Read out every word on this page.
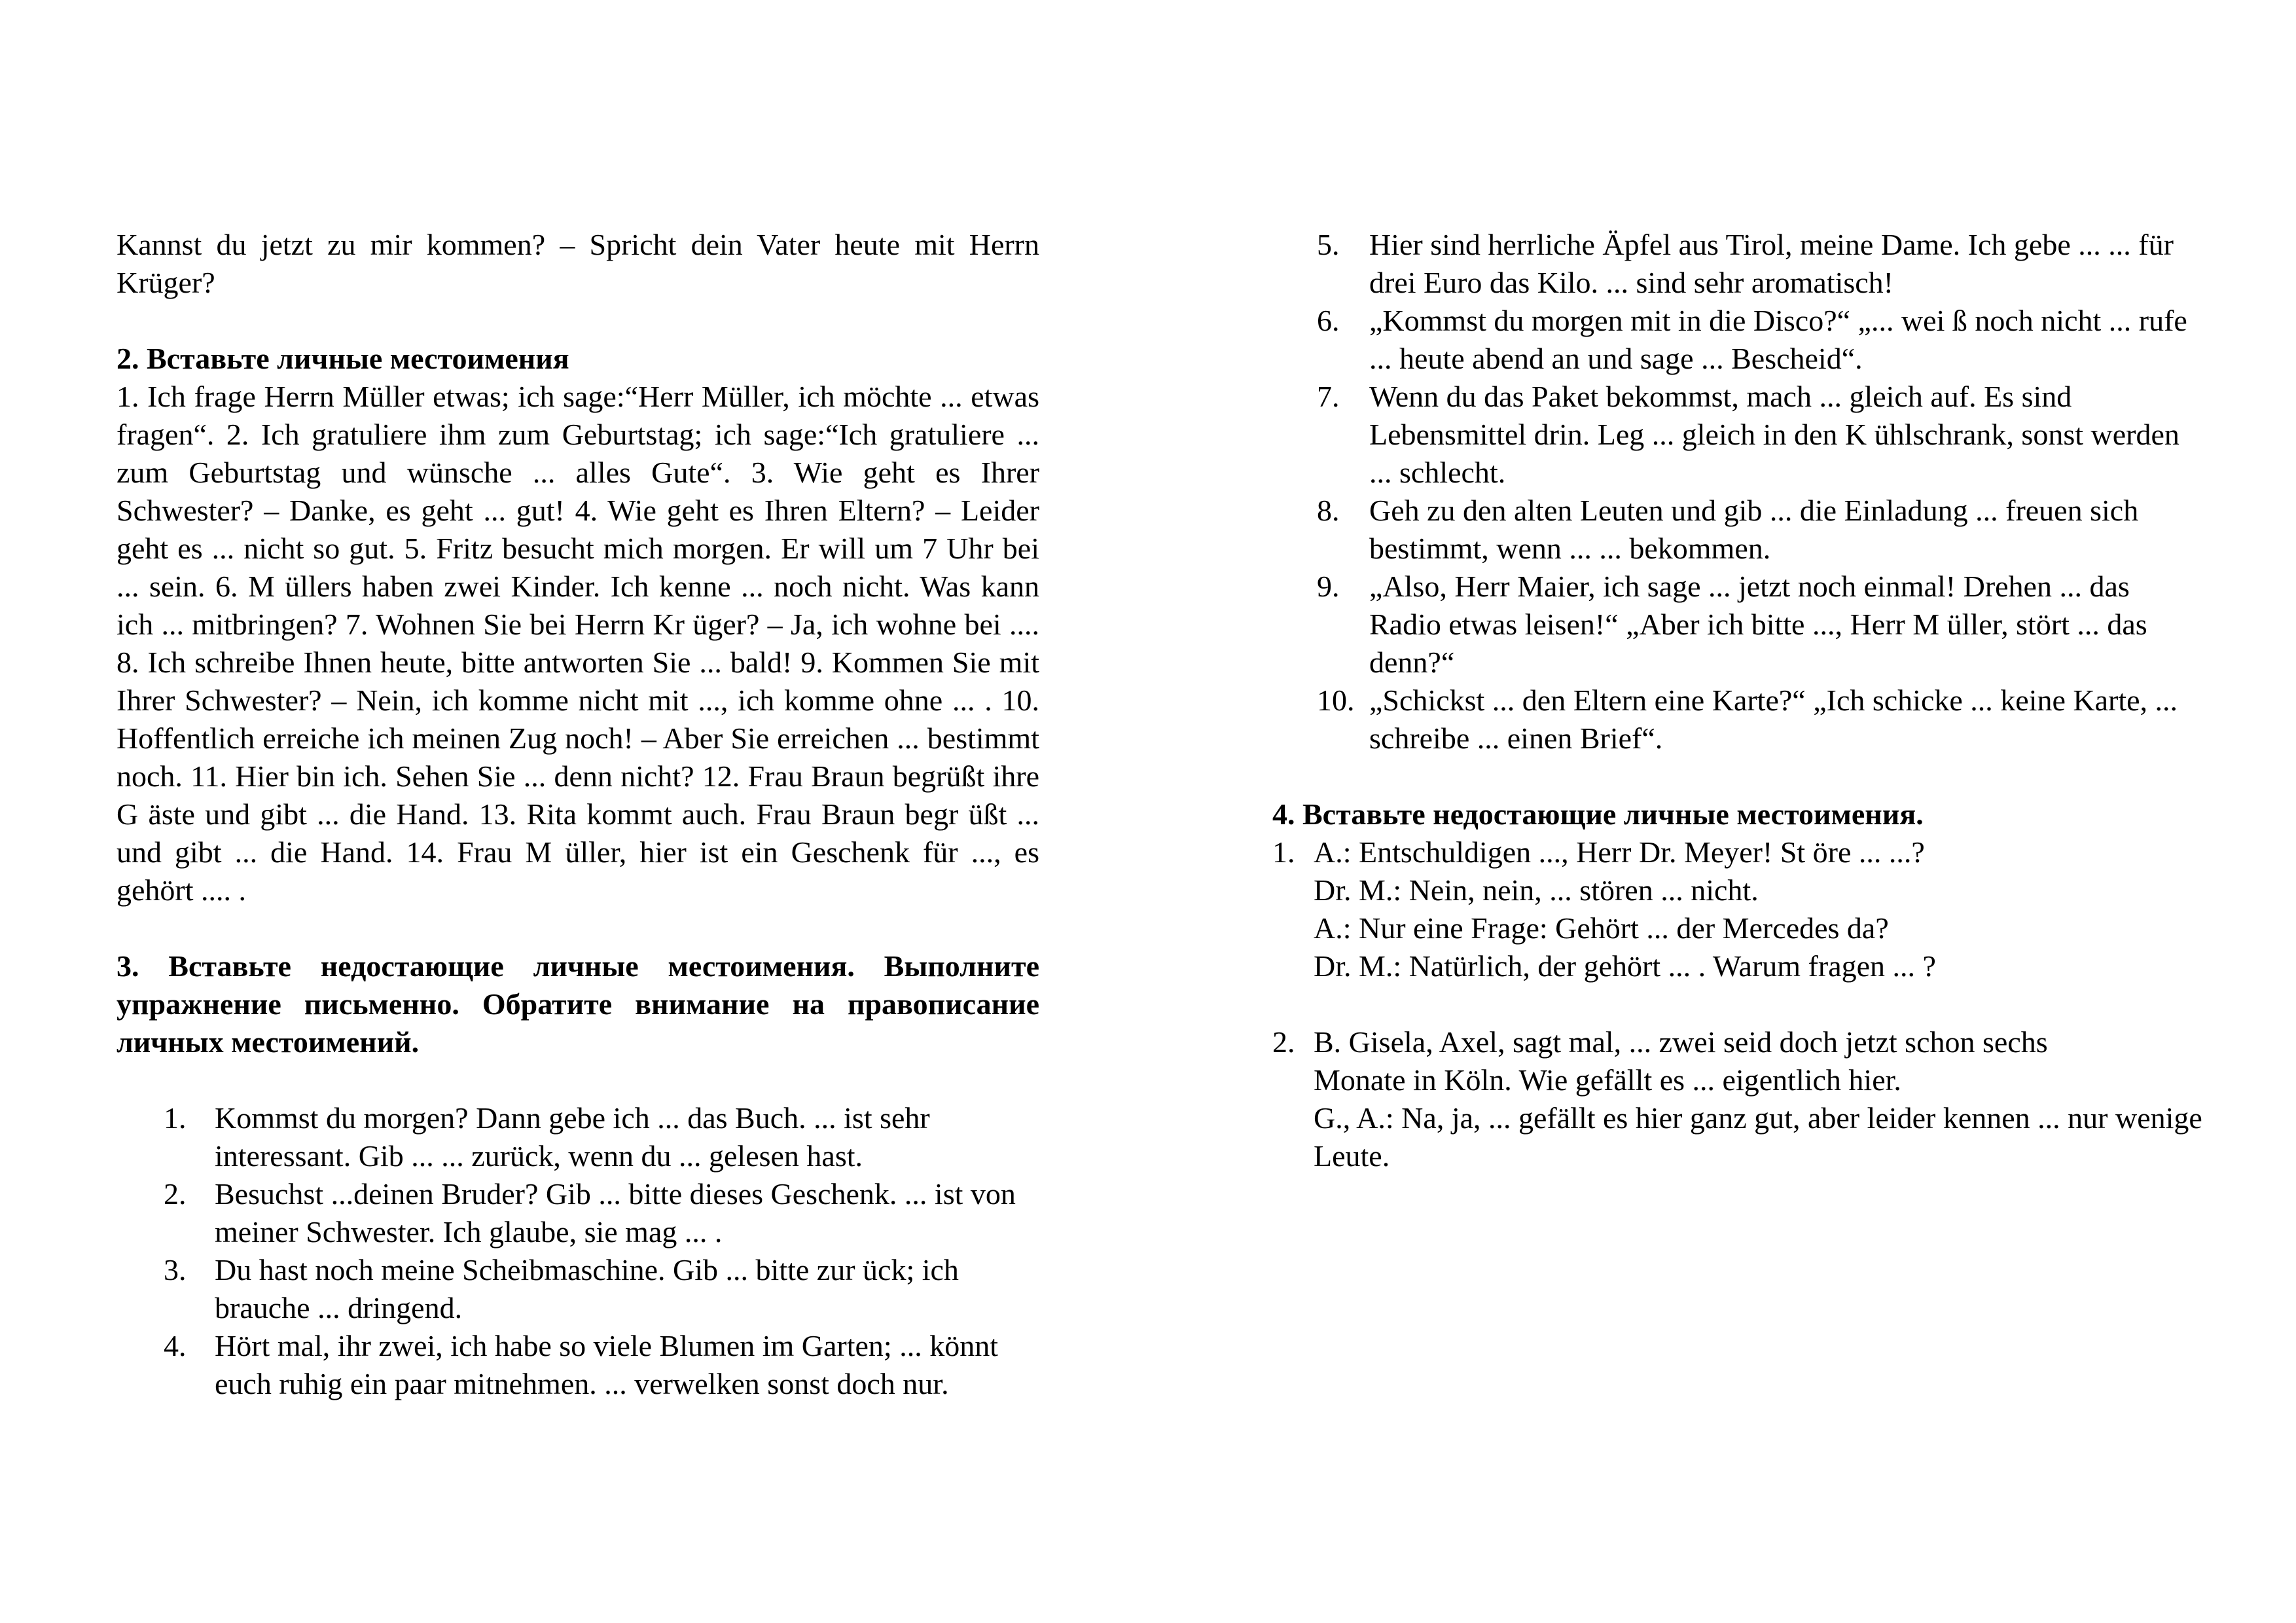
Kannst du jetzt zu mir kommen? – Spricht dein Vater heute mit Herrn Krüger?

2. Вставьте личные местоимения

1. Ich frage Herrn Müller etwas; ich sage:“Herr Müller, ich möchte ... etwas fragen“. 2. Ich gratuliere ihm zum Geburtstag; ich sage:“Ich gratuliere ... zum Geburtstag und wünsche ... alles Gute“. 3. Wie geht es Ihrer Schwester? – Danke, es geht ... gut! 4. Wie geht es Ihren Eltern? – Leider geht es ... nicht so gut. 5. Fritz besucht mich morgen. Er will um 7 Uhr bei ... sein. 6. M üllers haben zwei Kinder. Ich kenne ... noch nicht. Was kann ich ... mitbringen? 7. Wohnen Sie bei Herrn Kr üger? – Ja, ich wohne bei .... 8. Ich schreibe Ihnen heute, bitte antworten Sie ... bald! 9. Kommen Sie mit Ihrer Schwester? – Nein, ich komme nicht mit ..., ich komme ohne ... . 10. Hoffentlich erreiche ich meinen Zug noch! – Aber Sie erreichen ... bestimmt noch. 11. Hier bin ich. Sehen Sie ... denn nicht? 12. Frau Braun begrüßt ihre G äste und gibt ... die Hand. 13. Rita kommt auch. Frau Braun begr üßt ... und gibt ... die Hand. 14. Frau M üller, hier ist ein Geschenk für ..., es gehört .... .

3. Вставьте недостающие личные местоимения. Выполните упражнение письменно. Обратите внимание на правописание личных местоимений.

1. Kommst du morgen? Dann gebe ich ... das Buch. ... ist sehr interessant. Gib ... ... zurück, wenn du ... gelesen hast.
2. Besuchst ...deinen Bruder? Gib ... bitte dieses Geschenk. ... ist von meiner Schwester. Ich glaube, sie mag ... .
3. Du hast noch meine Scheibmaschine. Gib ... bitte zur ück; ich brauche ... dringend.
4. Hört mal, ihr zwei, ich habe so viele Blumen im Garten; ... könnt euch ruhig ein paar mitnehmen. ... verwelken sonst doch nur.
5. Hier sind herrliche Äpfel aus Tirol, meine Dame. Ich gebe ... ... für drei Euro das Kilo. ... sind sehr aromatisch!
6. „Kommst du morgen mit in die Disco?“ „... wei ß noch nicht ... rufe ... heute abend an und sage ... Bescheid“.
7. Wenn du das Paket bekommst, mach ... gleich auf. Es sind Lebensmittel drin. Leg ... gleich in den K ühlschrank, sonst werden ... schlecht.
8. Geh zu den alten Leuten und gib ... die Einladung ... freuen sich bestimmt, wenn ... ... bekommen.
9. „Also, Herr Maier, ich sage ... jetzt noch einmal! Drehen ... das Radio etwas leisen!“ „Aber ich bitte ..., Herr M üller, stört ... das denn?“
10. „Schickst ... den Eltern eine Karte?“ „Ich schicke ... keine Karte, ... schreibe ... einen Brief“.

4. Вставьте недостающие личные местоимения.

1. A.: Entschuldigen ..., Herr Dr. Meyer! St öre ... ...?

Dr. M.: Nein, nein, ... stören ... nicht.

A.: Nur eine Frage: Gehört ... der Mercedes da?

Dr. M.: Natürlich, der gehört ... . Warum fragen ... ?

2. B. Gisela, Axel, sagt mal, ... zwei seid doch jetzt schon sechs

Monate in Köln. Wie gefällt es ... eigentlich hier.

G., A.: Na, ja, ... gefällt es hier ganz gut, aber leider kennen ... nur wenige Leute.
